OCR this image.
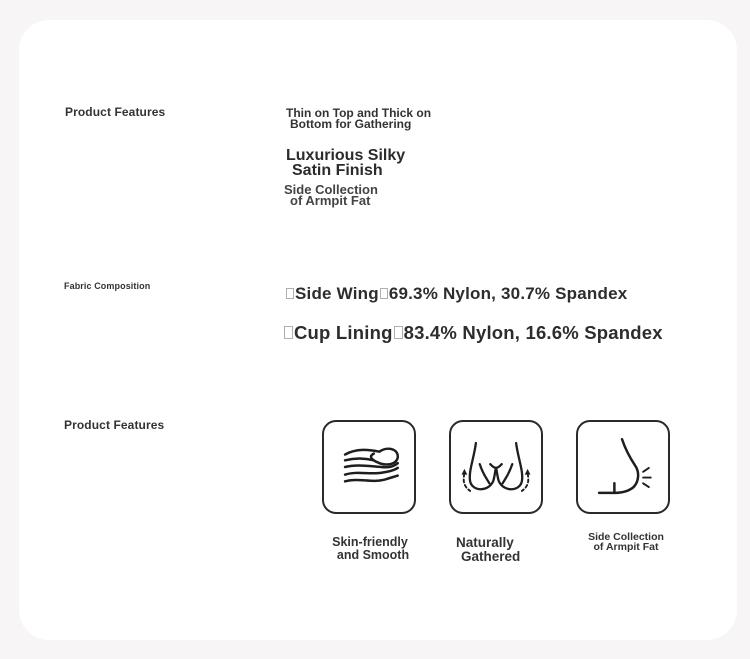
Product Features	Thin on Top and Thick on
Bottom for Gathering
Luxurious Silky
Satin Finish
Side Collection
of Armpit Fat
Fabric Composition	Side Wing 69.3% Nylon, 30.7% Spandex
Cup Lining 83.4% Nylon, 16.6% Spandex
Product Features
Skin-friendly
and Smooth
Naturally
Gathered
Side Collection
of Armpit Fat
